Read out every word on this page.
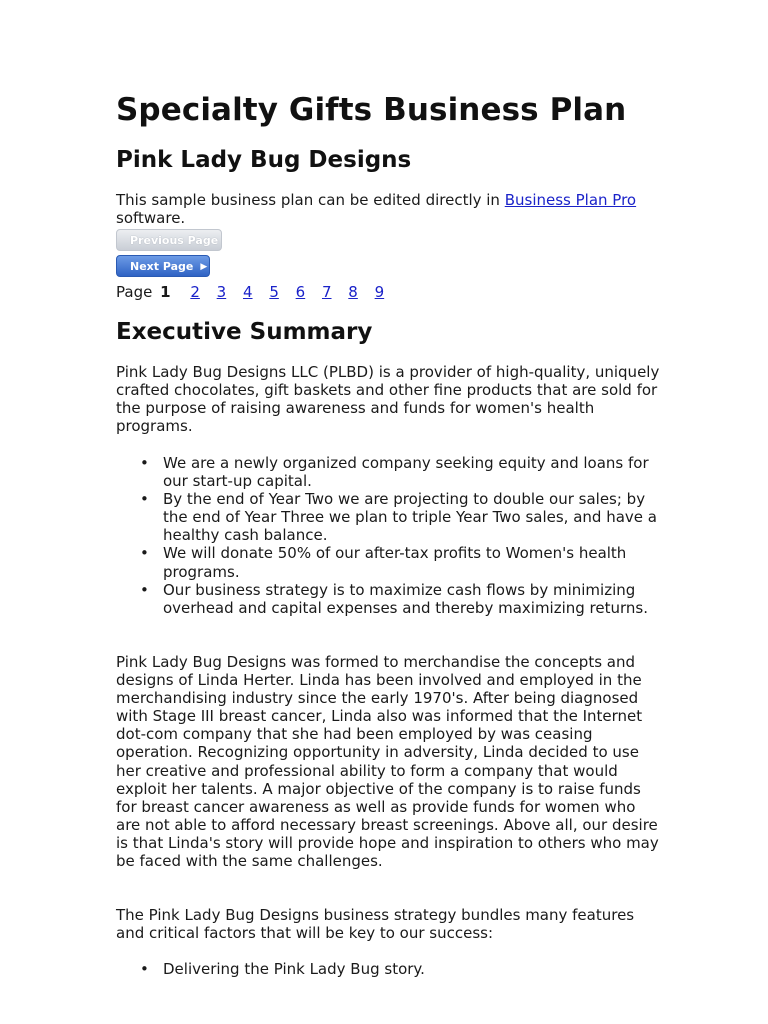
Specialty Gifts Business Plan
Pink Lady Bug Designs

This sample business plan can be edited directly in Business Plan Pro software.

Previous Page
Next Page ▶
Page 1 2 3 4 5 6 7 8 9
Executive Summary

Pink Lady Bug Designs LLC (PLBD) is a provider of high-quality, uniquely crafted chocolates, gift baskets and other fine products that are sold for the purpose of raising awareness and funds for women's health programs.

• We are a newly organized company seeking equity and loans for our start-up capital.
• By the end of Year Two we are projecting to double our sales; by the end of Year Three we plan to triple Year Two sales, and have a healthy cash balance.
• We will donate 50% of our after-tax profits to Women's health programs.
• Our business strategy is to maximize cash flows by minimizing overhead and capital expenses and thereby maximizing returns.

Pink Lady Bug Designs was formed to merchandise the concepts and designs of Linda Herter. Linda has been involved and employed in the merchandising industry since the early 1970's. After being diagnosed with Stage III breast cancer, Linda also was informed that the Internet dot-com company that she had been employed by was ceasing operation. Recognizing opportunity in adversity, Linda decided to use her creative and professional ability to form a company that would exploit her talents. A major objective of the company is to raise funds for breast cancer awareness as well as provide funds for women who are not able to afford necessary breast screenings. Above all, our desire is that Linda's story will provide hope and inspiration to others who may be faced with the same challenges.

The Pink Lady Bug Designs business strategy bundles many features and critical factors that will be key to our success:

• Delivering the Pink Lady Bug story.
